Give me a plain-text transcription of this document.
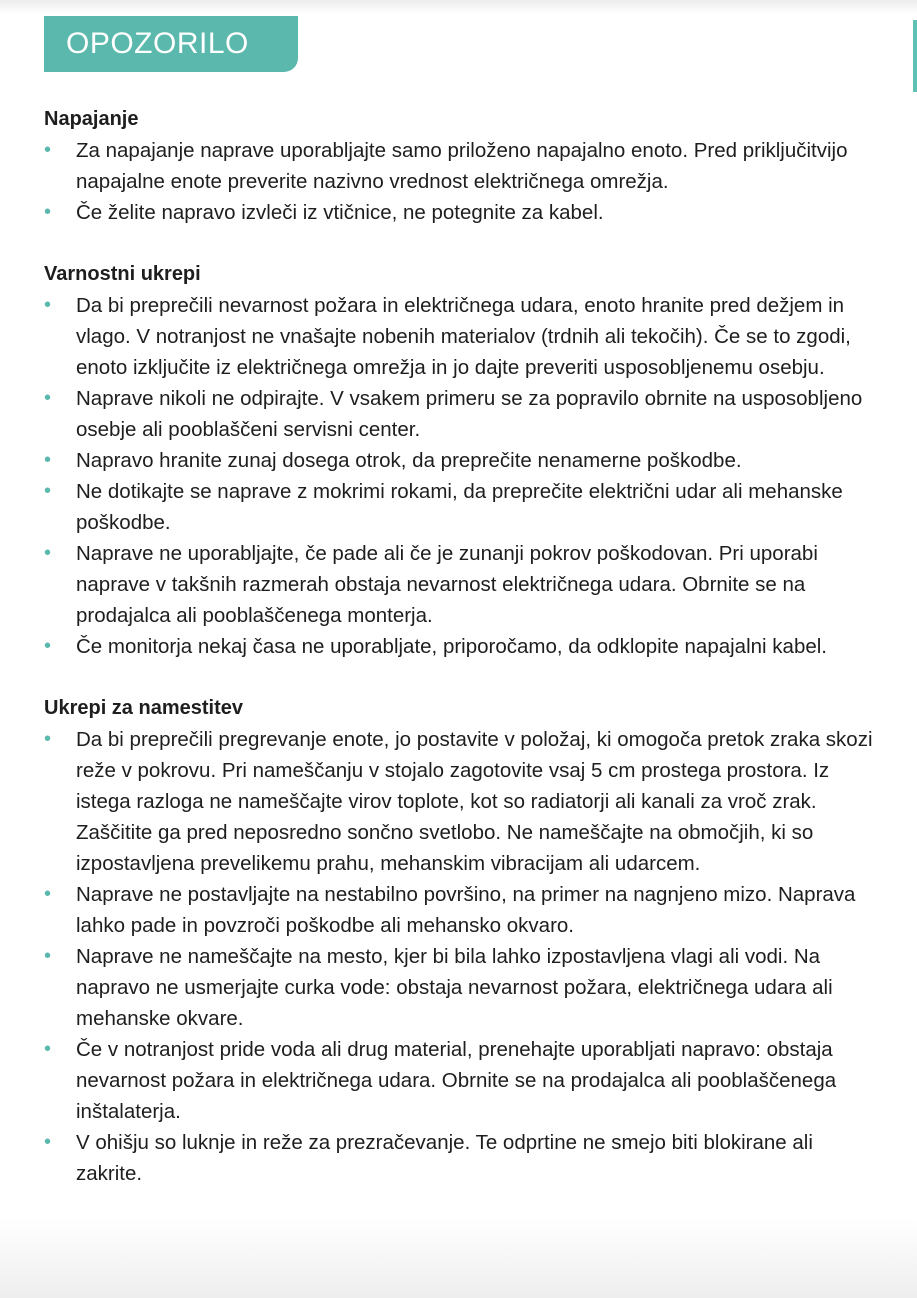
OPOZORILO
Napajanje
• Za napajanje naprave uporabljajte samo priloženo napajalno enoto. Pred priključitvijo napajalne enote preverite nazivno vrednost električnega omrežja.
• Če želite napravo izvleči iz vtičnice, ne potegnite za kabel.
Varnostni ukrepi
• Da bi preprečili nevarnost požara in električnega udara, enoto hranite pred dežjem in vlago. V notranjost ne vnašajte nobenih materialov (trdnih ali tekočih). Če se to zgodi, enoto izključite iz električnega omrežja in jo dajte preveriti usposobljenemu osebju.
• Naprave nikoli ne odpirajte. V vsakem primeru se za popravilo obrnite na usposobljeno osebje ali pooblaščeni servisni center.
• Napravo hranite zunaj dosega otrok, da preprečite nenamerne poškodbe.
• Ne dotikajte se naprave z mokrimi rokami, da preprečite električni udar ali mehanske poškodbe.
• Naprave ne uporabljajte, če pade ali če je zunanji pokrov poškodovan. Pri uporabi naprave v takšnih razmerah obstaja nevarnost električnega udara. Obrnite se na prodajalca ali pooblaščenega monterja.
• Če monitorja nekaj časa ne uporabljate, priporočamo, da odklopite napajalni kabel.
Ukrepi za namestitev
• Da bi preprečili pregrevanje enote, jo postavite v položaj, ki omogoča pretok zraka skozi reže v pokrovu. Pri nameščanju v stojalo zagotovite vsaj 5 cm prostega prostora. Iz istega razloga ne nameščajte virov toplote, kot so radiatorji ali kanali za vroč zrak. Zaščitite ga pred neposredno sončno svetlobo. Ne nameščajte na območjih, ki so izpostavljena prevelikemu prahu, mehanskim vibracijam ali udarcem.
• Naprave ne postavljajte na nestabilno površino, na primer na nagnjeno mizo. Naprava lahko pade in povzroči poškodbe ali mehansko okvaro.
• Naprave ne nameščajte na mesto, kjer bi bila lahko izpostavljena vlagi ali vodi. Na napravo ne usmerjajte curka vode: obstaja nevarnost požara, električnega udara ali mehanske okvare.
• Če v notranjost pride voda ali drug material, prenehajte uporabljati napravo: obstaja nevarnost požara in električnega udara. Obrnite se na prodajalca ali pooblaščenega inštalaterja.
• V ohišju so luknje in reže za prezračevanje. Te odprtine ne smejo biti blokirane ali zakrite.
